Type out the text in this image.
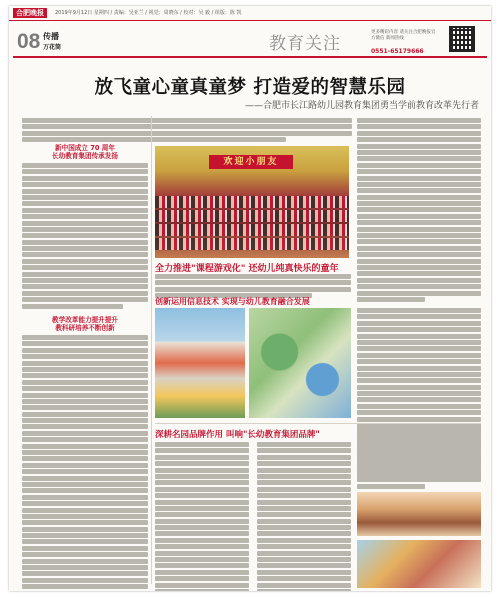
合肥晚报	2019年9月12日 星期四 / 责编：吴亚兰 / 视觉：周晓东 / 校对：吴 毅 / 组版：陈 凯
08 传播
万花筒	教育关注
更多精彩内容 请关注合肥晚报官方微信 新闻热线
0551-65179666
放飞童心童真童梦 打造爱的智慧乐园
——合肥市长江路幼儿园教育集团勇当学前教育改革先行者
新中国成立 70 周年
长幼教育集团传承发扬
教学改革能力提升提升
教科研培养不断创新
欢迎小朋友
全力推进"课程游戏化" 还幼儿纯真快乐的童年
创新运用信息技术 实现与幼儿教育融合发展
深耕名园品牌作用 叫响"长幼教育集团品牌"
